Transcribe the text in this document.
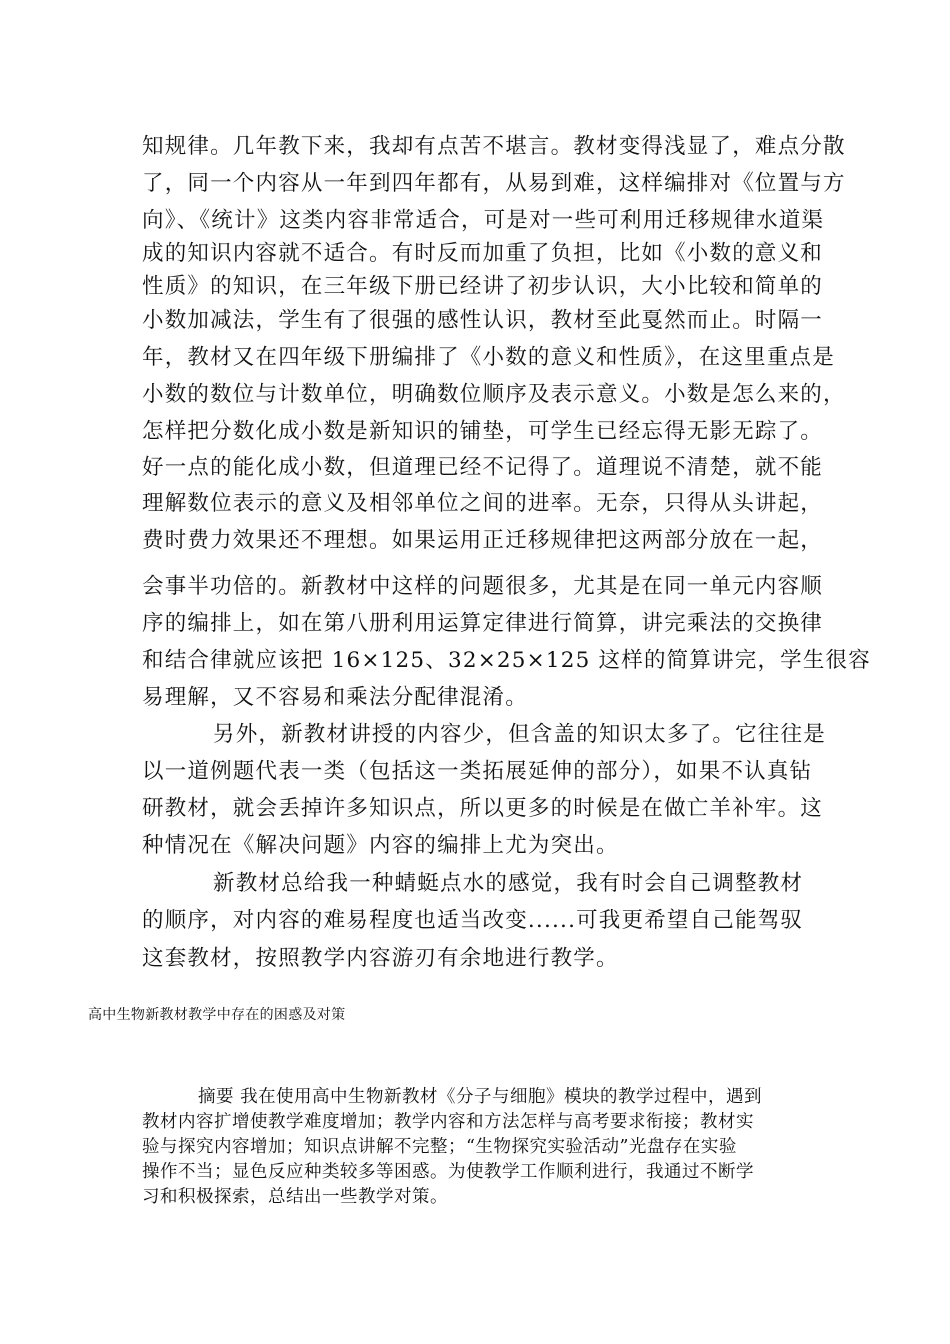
知规律。几年教下来，我却有点苦不堪言。教材变得浅显了，难点分散
了，同一个内容从一年到四年都有，从易到难，这样编排对《位置与方
向》、《统计》这类内容非常适合，可是对一些可利用迁移规律水道渠
成的知识内容就不适合。有时反而加重了负担，比如《小数的意义和
性质》的知识，在三年级下册已经讲了初步认识，大小比较和简单的
小数加减法，学生有了很强的感性认识，教材至此戛然而止。时隔一
年，教材又在四年级下册编排了《小数的意义和性质》，在这里重点是
小数的数位与计数单位，明确数位顺序及表示意义。小数是怎么来的，
怎样把分数化成小数是新知识的铺垫，可学生已经忘得无影无踪了。
好一点的能化成小数，但道理已经不记得了。道理说不清楚，就不能
理解数位表示的意义及相邻单位之间的进率。无奈，只得从头讲起，
费时费力效果还不理想。如果运用正迁移规律把这两部分放在一起，
会事半功倍的。新教材中这样的问题很多，尤其是在同一单元内容顺
序的编排上，如在第八册利用运算定律进行简算，讲完乘法的交换律
和结合律就应该把 16×125、32×25×125 这样的简算讲完，学生很容
易理解，又不容易和乘法分配律混淆。
另外，新教材讲授的内容少，但含盖的知识太多了。它往往是
以一道例题代表一类（包括这一类拓展延伸的部分），如果不认真钻
研教材，就会丢掉许多知识点，所以更多的时候是在做亡羊补牢。这
种情况在《解决问题》内容的编排上尤为突出。
新教材总给我一种蜻蜓点水的感觉，我有时会自己调整教材
的顺序，对内容的难易程度也适当改变......可我更希望自己能驾驭
这套教材，按照教学内容游刃有余地进行教学。
高中生物新教材教学中存在的困惑及对策
摘要 我在使用高中生物新教材《分子与细胞》模块的教学过程中，遇到
教材内容扩增使教学难度增加；教学内容和方法怎样与高考要求衔接；教材实
验与探究内容增加；知识点讲解不完整；“生物探究实验活动”光盘存在实验
操作不当；显色反应种类较多等困惑。为使教学工作顺利进行，我通过不断学
习和积极探索，总结出一些教学对策。
